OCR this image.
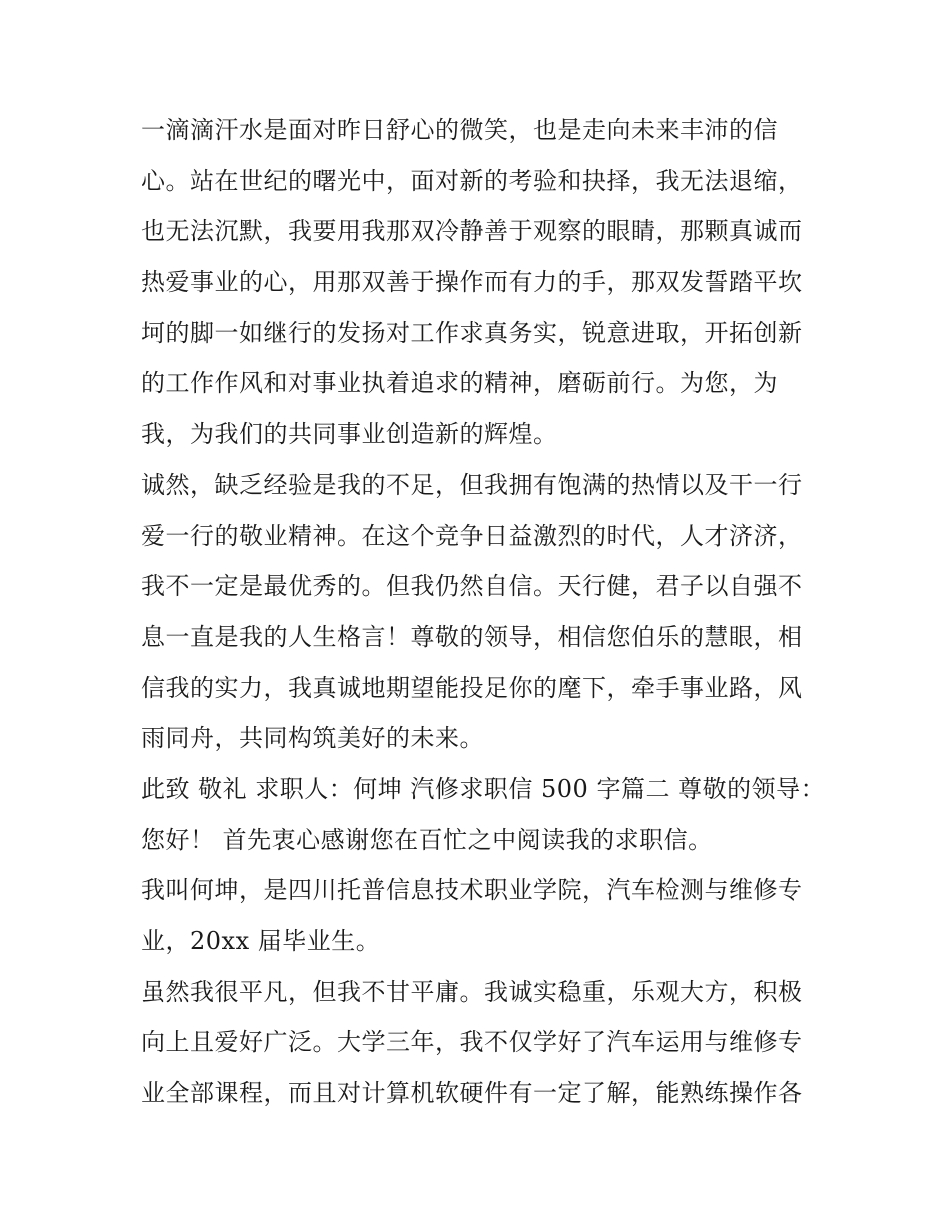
一滴滴汗水是面对昨日舒心的微笑，也是走向未来丰沛的信
心。站在世纪的曙光中，面对新的考验和抉择，我无法退缩，
也无法沉默，我要用我那双冷静善于观察的眼睛，那颗真诚而
热爱事业的心，用那双善于操作而有力的手，那双发誓踏平坎
坷的脚一如继行的发扬对工作求真务实，锐意进取，开拓创新
的工作作风和对事业执着追求的精神，磨砺前行。为您，为
我，为我们的共同事业创造新的辉煌。
诚然，缺乏经验是我的不足，但我拥有饱满的热情以及干一行
爱一行的敬业精神。在这个竞争日益激烈的时代，人才济济，
我不一定是最优秀的。但我仍然自信。天行健，君子以自强不
息一直是我的人生格言！尊敬的领导，相信您伯乐的慧眼，相
信我的实力，我真诚地期望能投足你的麾下，牵手事业路，风
雨同舟，共同构筑美好的未来。
此致 敬礼 求职人：何坤 汽修求职信 500 字篇二 尊敬的领导：
您好！ 首先衷心感谢您在百忙之中阅读我的求职信。
我叫何坤，是四川托普信息技术职业学院，汽车检测与维修专
业，20xx 届毕业生。
虽然我很平凡，但我不甘平庸。我诚实稳重，乐观大方，积极
向上且爱好广泛。大学三年，我不仅学好了汽车运用与维修专
业全部课程，而且对计算机软硬件有一定了解，能熟练操作各
